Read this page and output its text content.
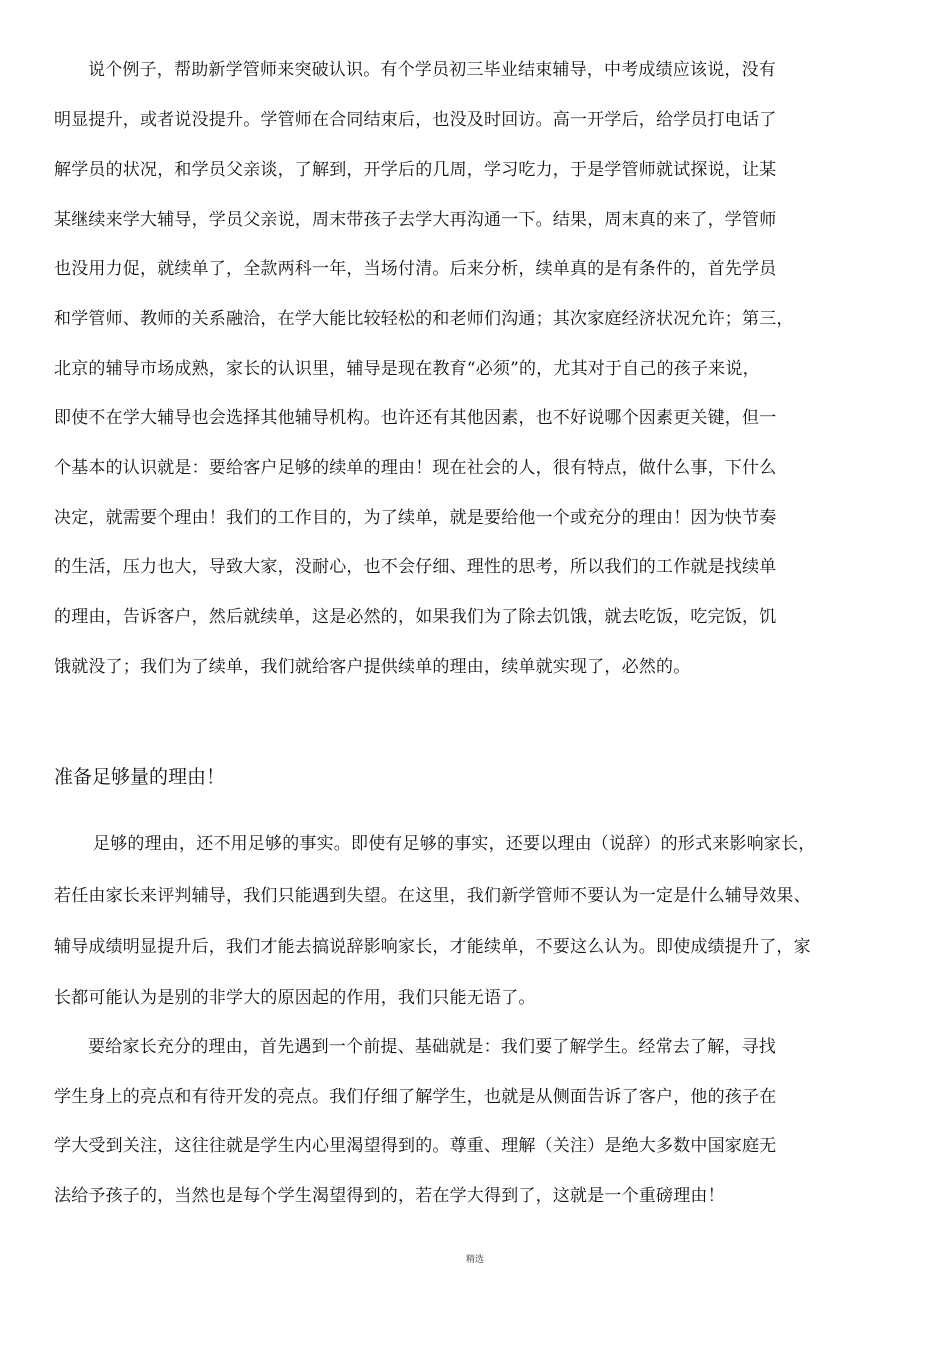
说个例子，帮助新学管师来突破认识。有个学员初三毕业结束辅导，中考成绩应该说，没有
明显提升，或者说没提升。学管师在合同结束后，也没及时回访。高一开学后，给学员打电话了
解学员的状况，和学员父亲谈，了解到，开学后的几周，学习吃力，于是学管师就试探说，让某
某继续来学大辅导，学员父亲说，周末带孩子去学大再沟通一下。结果，周末真的来了，学管师
也没用力促，就续单了，全款两科一年，当场付清。后来分析，续单真的是有条件的，首先学员
和学管师、教师的关系融洽，在学大能比较轻松的和老师们沟通；其次家庭经济状况允许；第三，
北京的辅导市场成熟，家长的认识里，辅导是现在教育“必须”的，尤其对于自己的孩子来说，
即使不在学大辅导也会选择其他辅导机构。也许还有其他因素，也不好说哪个因素更关键，但一
个基本的认识就是：要给客户足够的续单的理由！现在社会的人，很有特点，做什么事，下什么
决定，就需要个理由！我们的工作目的，为了续单，就是要给他一个或充分的理由！因为快节奏
的生活，压力也大，导致大家，没耐心，也不会仔细、理性的思考，所以我们的工作就是找续单
的理由，告诉客户，然后就续单，这是必然的，如果我们为了除去饥饿，就去吃饭，吃完饭，饥
饿就没了；我们为了续单，我们就给客户提供续单的理由，续单就实现了，必然的。
准备足够量的理由！
足够的理由，还不用足够的事实。即使有足够的事实，还要以理由（说辞）的形式来影响家长，
若任由家长来评判辅导，我们只能遇到失望。在这里，我们新学管师不要认为一定是什么辅导效果、
辅导成绩明显提升后，我们才能去搞说辞影响家长，才能续单，不要这么认为。即使成绩提升了，家
长都可能认为是别的非学大的原因起的作用，我们只能无语了。
要给家长充分的理由，首先遇到一个前提、基础就是：我们要了解学生。经常去了解，寻找
学生身上的亮点和有待开发的亮点。我们仔细了解学生，也就是从侧面告诉了客户，他的孩子在
学大受到关注，这往往就是学生内心里渴望得到的。尊重、理解（关注）是绝大多数中国家庭无
法给予孩子的，当然也是每个学生渴望得到的，若在学大得到了，这就是一个重磅理由！
精选
